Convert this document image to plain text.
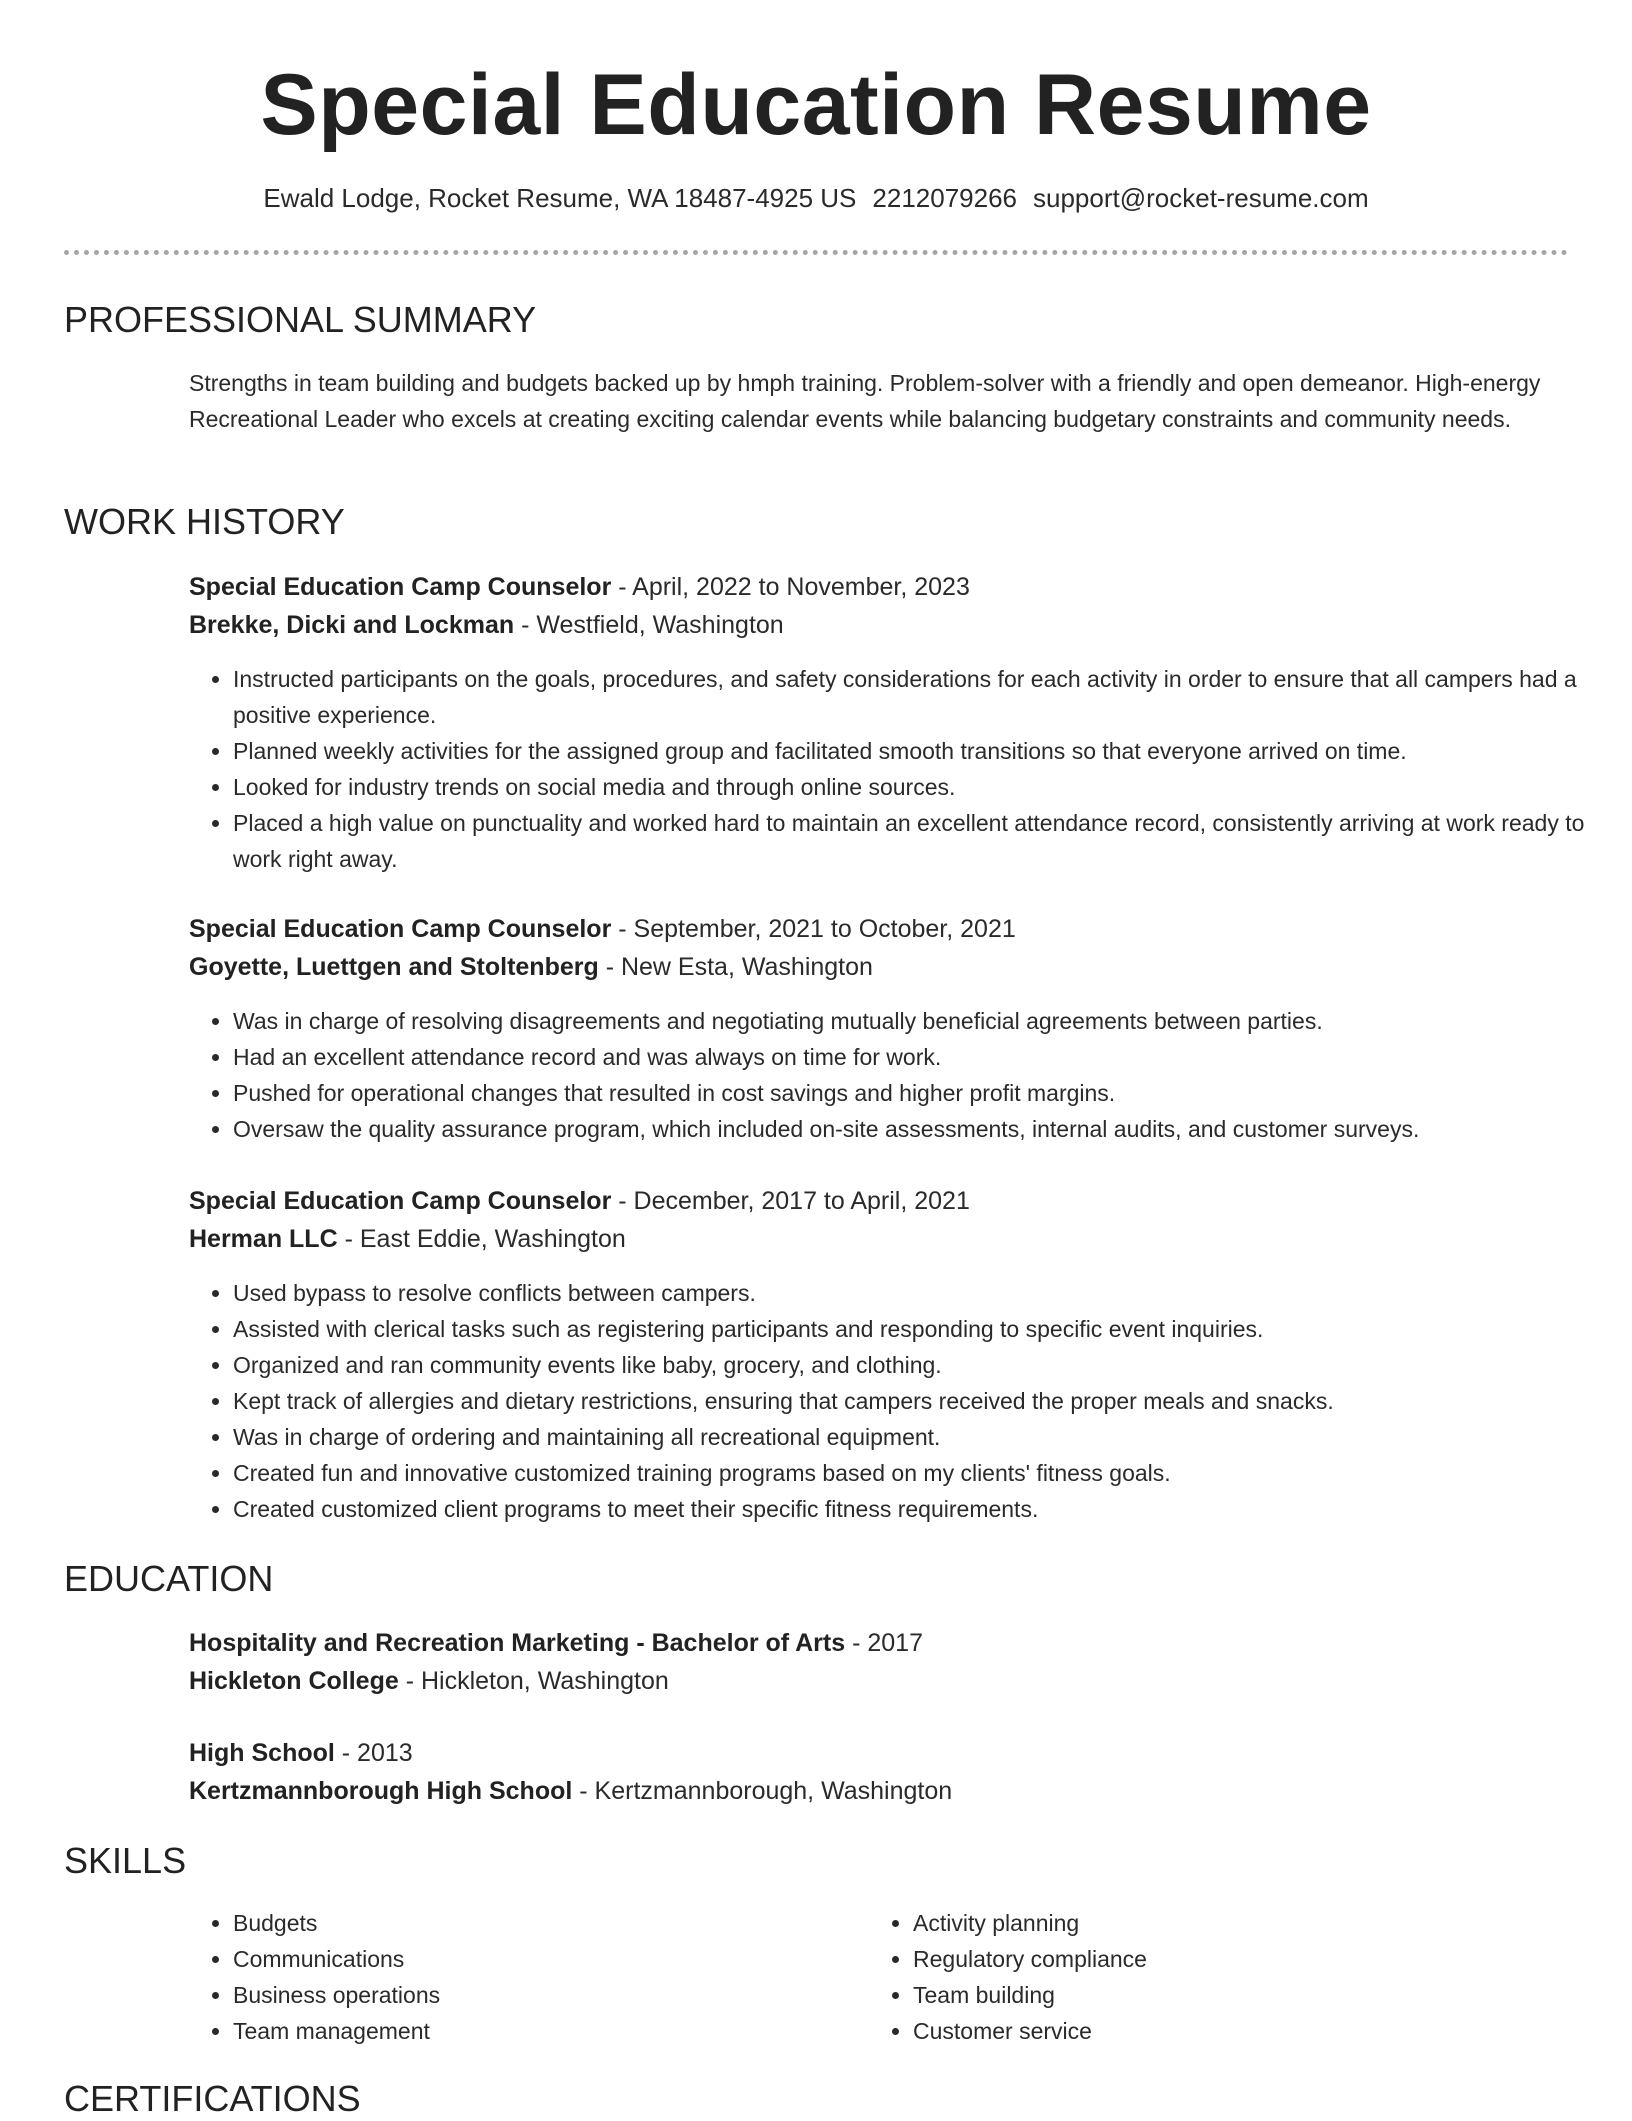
Special Education Resume
Ewald Lodge, Rocket Resume, WA 18487-4925 US 2212079266 support@rocket-resume.com
PROFESSIONAL SUMMARY
Strengths in team building and budgets backed up by hmph training. Problem-solver with a friendly and open demeanor. High-energy Recreational Leader who excels at creating exciting calendar events while balancing budgetary constraints and community needs.
WORK HISTORY
Special Education Camp Counselor - April, 2022 to November, 2023
Brekke, Dicki and Lockman - Westfield, Washington
• Instructed participants on the goals, procedures, and safety considerations for each activity in order to ensure that all campers had a positive experience.
• Planned weekly activities for the assigned group and facilitated smooth transitions so that everyone arrived on time.
• Looked for industry trends on social media and through online sources.
• Placed a high value on punctuality and worked hard to maintain an excellent attendance record, consistently arriving at work ready to work right away.
Special Education Camp Counselor - September, 2021 to October, 2021
Goyette, Luettgen and Stoltenberg - New Esta, Washington
• Was in charge of resolving disagreements and negotiating mutually beneficial agreements between parties.
• Had an excellent attendance record and was always on time for work.
• Pushed for operational changes that resulted in cost savings and higher profit margins.
• Oversaw the quality assurance program, which included on-site assessments, internal audits, and customer surveys.
Special Education Camp Counselor - December, 2017 to April, 2021
Herman LLC - East Eddie, Washington
• Used bypass to resolve conflicts between campers.
• Assisted with clerical tasks such as registering participants and responding to specific event inquiries.
• Organized and ran community events like baby, grocery, and clothing.
• Kept track of allergies and dietary restrictions, ensuring that campers received the proper meals and snacks.
• Was in charge of ordering and maintaining all recreational equipment.
• Created fun and innovative customized training programs based on my clients' fitness goals.
• Created customized client programs to meet their specific fitness requirements.
EDUCATION
Hospitality and Recreation Marketing - Bachelor of Arts - 2017
Hickleton College - Hickleton, Washington
High School - 2013
Kertzmannborough High School - Kertzmannborough, Washington
SKILLS
• Budgets
• Communications
• Business operations
• Team management
• Activity planning
• Regulatory compliance
• Team building
• Customer service
CERTIFICATIONS
